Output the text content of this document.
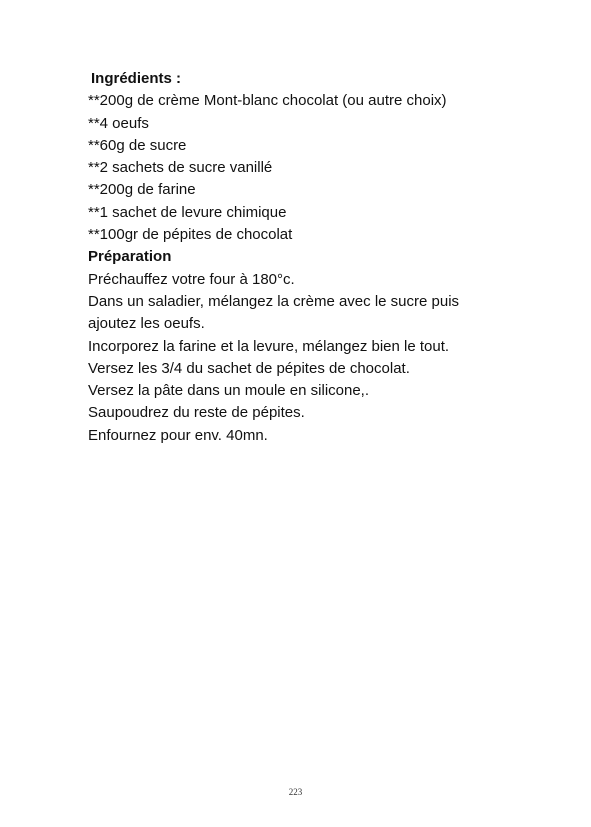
Ingrédients :

**200g de crème Mont-blanc chocolat (ou autre choix)

**4 oeufs

**60g de sucre

**2 sachets de sucre vanillé

**200g de farine

**1 sachet de levure chimique

**100gr de pépites de chocolat

Préparation

Préchauffez votre four à 180°c.

Dans un saladier, mélangez la crème avec le sucre puis ajoutez les oeufs.

Incorporez la farine et la levure, mélangez bien le tout.

Versez les 3/4 du sachet de pépites de chocolat.

Versez la pâte dans un moule en silicone,.

Saupoudrez du reste de pépites.

Enfournez pour env. 40mn.

223
